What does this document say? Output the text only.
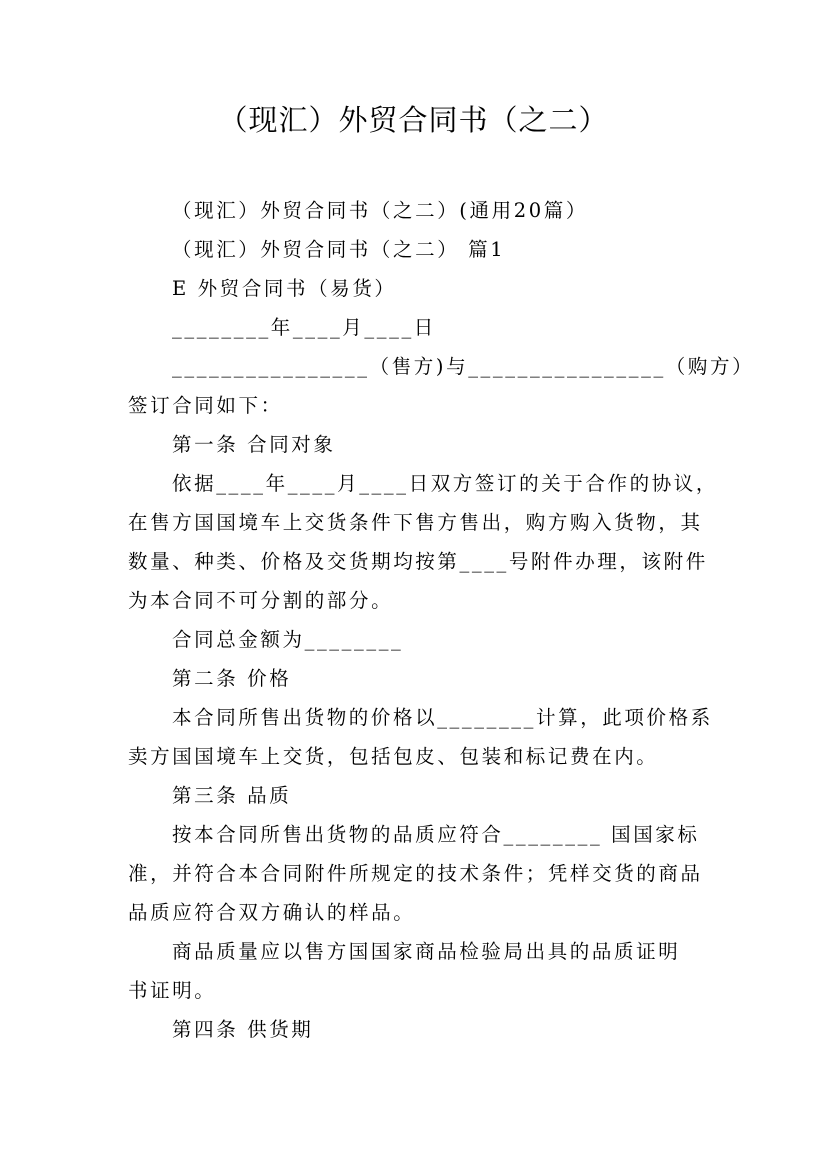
（现汇）外贸合同书（之二）
（现汇）外贸合同书（之二）(通用20篇）
（现汇）外贸合同书（之二） 篇1
E 外贸合同书（易货）
________年____月____日
________________（售方)与________________（购方）
签订合同如下：
第一条 合同对象
依据____年____月____日双方签订的关于合作的协议，
在售方国国境车上交货条件下售方售出，购方购入货物，其
数量、种类、价格及交货期均按第____号附件办理，该附件
为本合同不可分割的部分。
合同总金额为________
第二条 价格
本合同所售出货物的价格以________计算，此项价格系
卖方国国境车上交货，包括包皮、包装和标记费在内。
第三条 品质
按本合同所售出货物的品质应符合________ 国国家标
准，并符合本合同附件所规定的技术条件；凭样交货的商品
品质应符合双方确认的样品。
商品质量应以售方国国家商品检验局出具的品质证明
书证明。
第四条 供货期
